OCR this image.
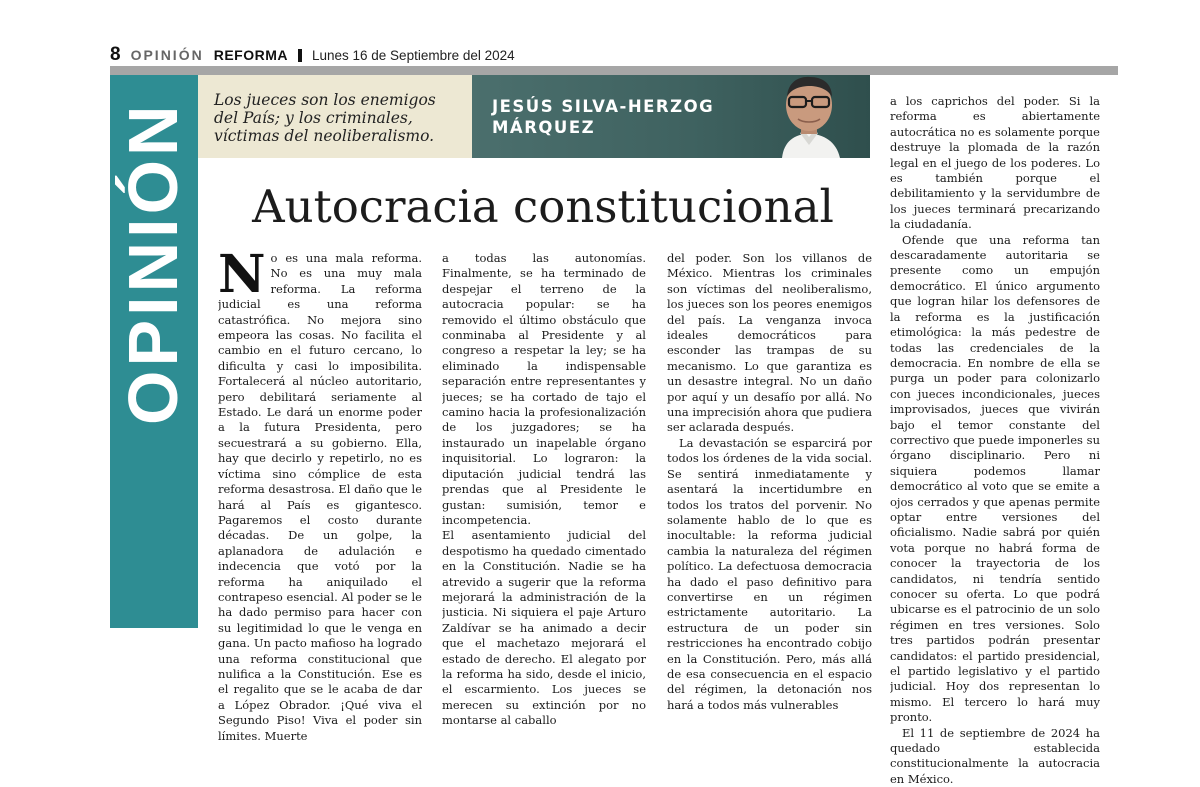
8 OPINIÓN REFORMA Lunes 16 de Septiembre del 2024
OPINIÓN
Los jueces son los enemigos del País; y los criminales, víctimas del neoliberalismo.
JESÚS SILVA-HERZOG
MÁRQUEZ
Autocracia constitucional

No es una mala reforma. No es una muy mala reforma. La reforma judicial es una reforma catastrófica. No mejora sino empeora las cosas. No facilita el cambio en el futuro cercano, lo dificulta y casi lo imposibilita. Fortalecerá al núcleo autoritario, pero debilitará seriamente al Estado. Le dará un enorme poder a la futura Presidenta, pero secuestrará a su gobierno. Ella, hay que decirlo y repetirlo, no es víctima sino cómplice de esta reforma desastrosa. El daño que le hará al País es gigantesco. Pagaremos el costo durante décadas. De un golpe, la aplanadora de adulación e indecencia que votó por la reforma ha aniquilado el contrapeso esencial. Al poder se le ha dado permiso para hacer con su legitimidad lo que le venga en gana. Un pacto mafioso ha logrado una reforma constitucional que nulifica a la Constitución. Ese es el regalito que se le acaba de dar a López Obrador. ¡Qué viva el Segundo Piso! Viva el poder sin límites. Muerte

a todas las autonomías. Finalmente, se ha terminado de despejar el terreno de la autocracia popular: se ha removido el último obstáculo que conminaba al Presidente y al congreso a respetar la ley; se ha eliminado la indispensable separación entre representantes y jueces; se ha cortado de tajo el camino hacia la profesionalización de los juzgadores; se ha instaurado un inapelable órgano inquisitorial. Lo lograron: la diputación judicial tendrá las prendas que al Presidente le gustan: sumisión, temor e incompetencia.

El asentamiento judicial del despotismo ha quedado cimentado en la Constitución. Nadie se ha atrevido a sugerir que la reforma mejorará la administración de la justicia. Ni siquiera el paje Arturo Zaldívar se ha animado a decir que el machetazo mejorará el estado de derecho. El alegato por la reforma ha sido, desde el inicio, el escarmiento. Los jueces se merecen su extinción por no montarse al caballo

del poder. Son los villanos de México. Mientras los criminales son víctimas del neoliberalismo, los jueces son los peores enemigos del país. La venganza invoca ideales democráticos para esconder las trampas de su mecanismo. Lo que garantiza es un desastre integral. No un daño por aquí y un desafío por allá. No una imprecisión ahora que pudiera ser aclarada después.

La devastación se esparcirá por todos los órdenes de la vida social. Se sentirá inmediatamente y asentará la incertidumbre en todos los tratos del porvenir. No solamente hablo de lo que es inocultable: la reforma judicial cambia la naturaleza del régimen político. La defectuosa democracia ha dado el paso definitivo para convertirse en un régimen estrictamente autoritario. La estructura de un poder sin restricciones ha encontrado cobijo en la Constitución. Pero, más allá de esa consecuencia en el espacio del régimen, la detonación nos hará a todos más vulnerables

a los caprichos del poder. Si la reforma es abiertamente autocrática no es solamente porque destruye la plomada de la razón legal en el juego de los poderes. Lo es también porque el debilitamiento y la servidumbre de los jueces terminará precarizando la ciudadanía.

Ofende que una reforma tan descaradamente autoritaria se presente como un empujón democrático. El único argumento que logran hilar los defensores de la reforma es la justificación etimológica: la más pedestre de todas las credenciales de la democracia. En nombre de ella se purga un poder para colonizarlo con jueces incondicionales, jueces improvisados, jueces que vivirán bajo el temor constante del correctivo que puede imponerles su órgano disciplinario. Pero ni siquiera podemos llamar democrático al voto que se emite a ojos cerrados y que apenas permite optar entre versiones del oficialismo. Nadie sabrá por quién vota porque no habrá forma de conocer la trayectoria de los candidatos, ni tendría sentido conocer su oferta. Lo que podrá ubicarse es el patrocinio de un solo régimen en tres versiones. Solo tres partidos podrán presentar candidatos: el partido presidencial, el partido legislativo y el partido judicial. Hoy dos representan lo mismo. El tercero lo hará muy pronto.

El 11 de septiembre de 2024 ha quedado establecida constitucionalmente la autocracia en México.
